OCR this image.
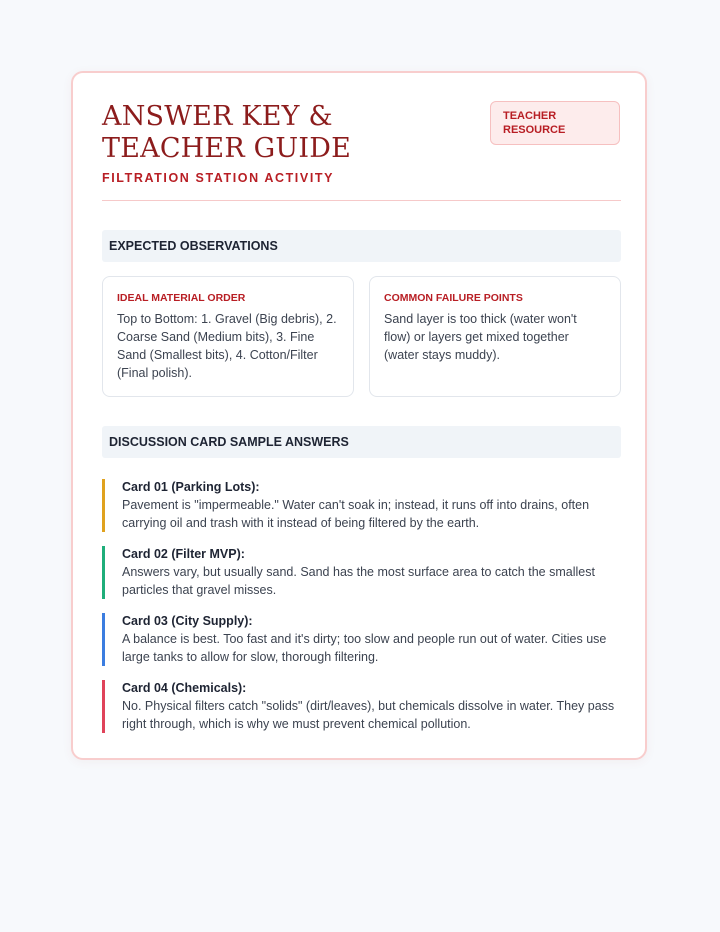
ANSWER KEY & TEACHER GUIDE

FILTRATION STATION ACTIVITY

TEACHER RESOURCE
EXPECTED OBSERVATIONS

IDEAL MATERIAL ORDER

Top to Bottom: 1. Gravel (Big debris), 2. Coarse Sand (Medium bits), 3. Fine Sand (Smallest bits), 4. Cotton/Filter (Final polish).

COMMON FAILURE POINTS

Sand layer is too thick (water won't flow) or layers get mixed together (water stays muddy).

DISCUSSION CARD SAMPLE ANSWERS

Card 01 (Parking Lots):

Pavement is "impermeable." Water can't soak in; instead, it runs off into drains, often carrying oil and trash with it instead of being filtered by the earth.

Card 02 (Filter MVP):

Answers vary, but usually sand. Sand has the most surface area to catch the smallest particles that gravel misses.

Card 03 (City Supply):

A balance is best. Too fast and it's dirty; too slow and people run out of water. Cities use large tanks to allow for slow, thorough filtering.

Card 04 (Chemicals):

No. Physical filters catch "solids" (dirt/leaves), but chemicals dissolve in water. They pass right through, which is why we must prevent chemical pollution.
